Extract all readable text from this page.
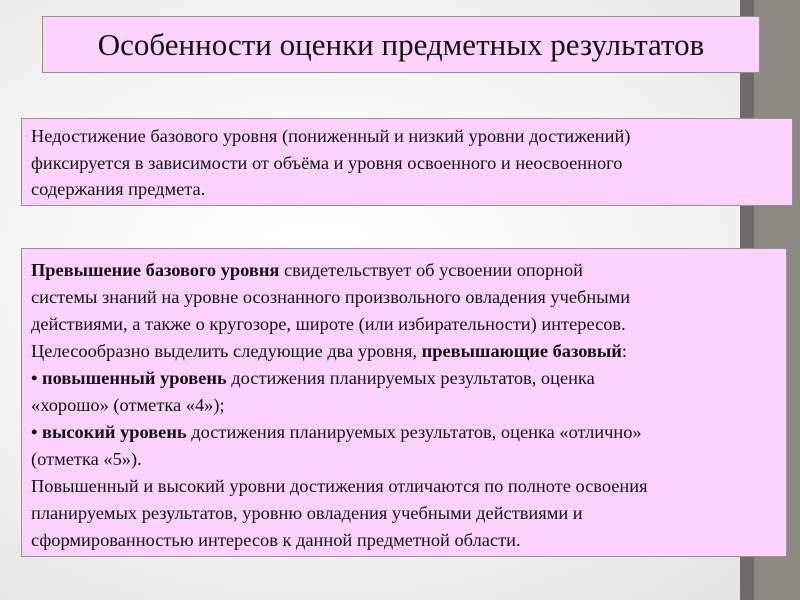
Особенности оценки предметных результатов
Недостижение базового уровня (пониженный и низкий уровни достижений)
фиксируется в зависимости от объёма и уровня освоенного и неосвоенного
содержания предмета.
Превышение базового уровня свидетельствует об усвоении опорной
системы знаний на уровне осознанного произвольного овладения учебными
действиями, а также о кругозоре, широте (или избирательности) интересов.
Целесообразно выделить следующие два уровня, превышающие базовый:
• повышенный уровень достижения планируемых результатов, оценка
«хорошо» (отметка «4»);
• высокий уровень достижения планируемых результатов, оценка «отлично»
(отметка «5»).
Повышенный и высокий уровни достижения отличаются по полноте освоения
планируемых результатов, уровню овладения учебными действиями и
сформированностью интересов к данной предметной области.
